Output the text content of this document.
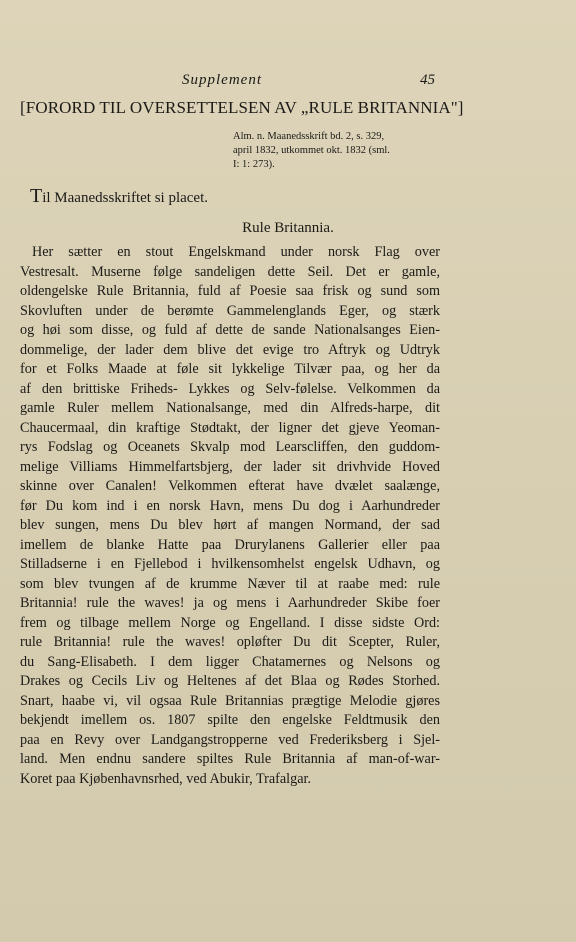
Supplement	45
[FORORD TIL OVERSETTELSEN AV „RULE BRITANNIA"]
Alm. n. Maanedsskrift bd. 2, s. 329,
april 1832, utkommet okt. 1832 (sml.
I: 1: 273).
Til Maanedsskriftet si placet.
Rule Britannia.
Her sætter en stout Engelskmand under norsk Flag over
Vestresalt. Muserne følge sandeligen dette Seil. Det er gamle,
oldengelske Rule Britannia, fuld af Poesie saa frisk og sund som
Skovluften under de berømte Gammelenglands Eger, og stærk
og høi som disse, og fuld af dette de sande Nationalsanges Eien-
dommelige, der lader dem blive det evige tro Aftryk og Udtryk
for et Folks Maade at føle sit lykkelige Tilvær paa, og her da
af den brittiske Friheds- Lykkes og Selv-følelse. Velkommen da
gamle Ruler mellem Nationalsange, med din Alfreds-harpe, dit
Chaucermaal, din kraftige Stødtakt, der ligner det gjeve Yeoman-
rys Fodslag og Oceanets Skvalp mod Learscliffen, den guddom-
melige Villiams Himmelfartsbjerg, der lader sit drivhvide Hoved
skinne over Canalen! Velkommen efterat have dvælet saalænge,
før Du kom ind i en norsk Havn, mens Du dog i Aarhundreder
blev sungen, mens Du blev hørt af mangen Normand, der sad
imellem de blanke Hatte paa Drurylanens Gallerier eller paa
Stilladserne i en Fjellebod i hvilkensomhelst engelsk Udhavn, og
som blev tvungen af de krumme Næver til at raabe med: rule
Britannia! rule the waves! ja og mens i Aarhundreder Skibe foer
frem og tilbage mellem Norge og Engelland. I disse sidste Ord:
rule Britannia! rule the waves! opløfter Du dit Scepter, Ruler,
du Sang-Elisabeth. I dem ligger Chatamernes og Nelsons og
Drakes og Cecils Liv og Heltenes af det Blaa og Rødes Storhed.
Snart, haabe vi, vil ogsaa Rule Britannias prægtige Melodie gjøres
bekjendt imellem os. 1807 spilte den engelske Feldtmusik den
paa en Revy over Landgangstropperne ved Frederiksberg i Sjel-
land. Men endnu sandere spiltes Rule Britannia af man-of-war-
Koret paa Kjøbenhavnsrhed, ved Abukir, Trafalgar.
